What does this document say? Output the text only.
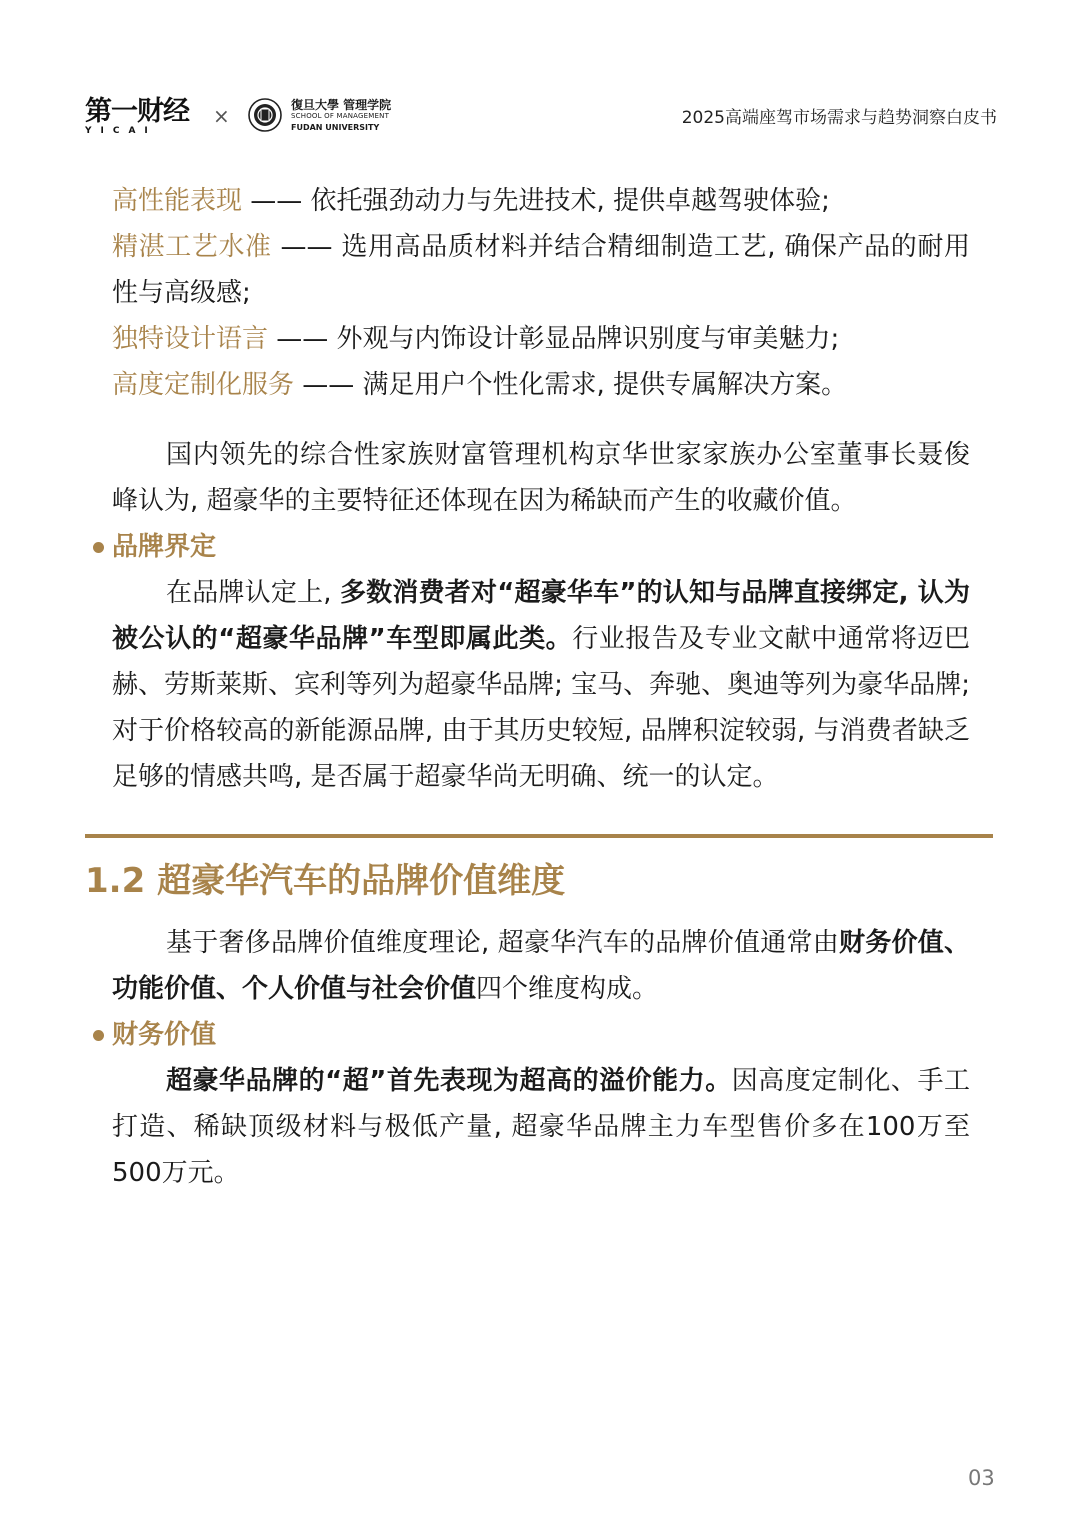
第一财经
YICAI
×	復旦大學 管理学院
SCHOOL OF MANAGEMENT
FUDAN UNIVERSITY	2025高端座驾市场需求与趋势洞察白皮书

高性能表现 —— 依托强劲动力与先进技术, 提供卓越驾驶体验;

精湛工艺水准 —— 选用高品质材料并结合精细制造工艺, 确保产品的耐用性与高级感;

独特设计语言 —— 外观与内饰设计彰显品牌识别度与审美魅力;

高度定制化服务 —— 满足用户个性化需求, 提供专属解决方案。

国内领先的综合性家族财富管理机构京华世家家族办公室董事长聂俊峰认为, 超豪华的主要特征还体现在因为稀缺而产生的收藏价值。

品牌界定

在品牌认定上, 多数消费者对“超豪华车”的认知与品牌直接绑定, 认为被公认的“超豪华品牌”车型即属此类。行业报告及专业文献中通常将迈巴赫、劳斯莱斯、宾利等列为超豪华品牌; 宝马、奔驰、奥迪等列为豪华品牌; 对于价格较高的新能源品牌, 由于其历史较短, 品牌积淀较弱, 与消费者缺乏足够的情感共鸣, 是否属于超豪华尚无明确、统一的认定。

1.2 超豪华汽车的品牌价值维度

基于奢侈品牌价值维度理论, 超豪华汽车的品牌价值通常由财务价值、功能价值、个人价值与社会价值四个维度构成。

财务价值

超豪华品牌的“超”首先表现为超高的溢价能力。因高度定制化、手工打造、稀缺顶级材料与极低产量, 超豪华品牌主力车型售价多在100万至500万元。

03
